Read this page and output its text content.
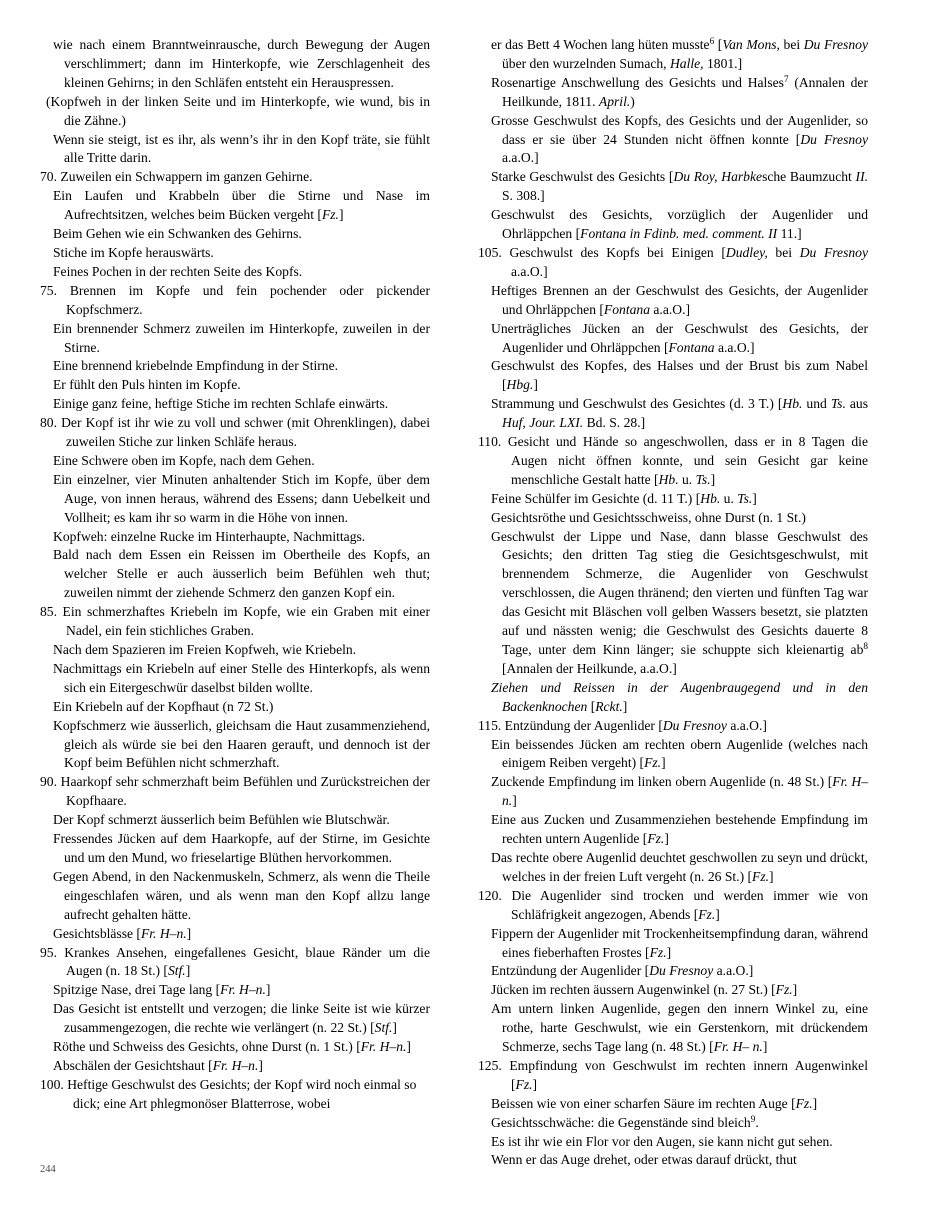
wie nach einem Branntweinrausche, durch Bewegung der Augen verschlimmert; dann im Hinterkopfe, wie Zerschlagenheit des kleinen Gehirns; in den Schläfen entsteht ein Herauspressen.

(Kopfweh in der linken Seite und im Hinterkopfe, wie wund, bis in die Zähne.)

Wenn sie steigt, ist es ihr, als wenn’s ihr in den Kopf träte, sie fühlt alle Tritte darin.

70. Zuweilen ein Schwappern im ganzen Gehirne.

Ein Laufen und Krabbeln über die Stirne und Nase im Aufrechtsitzen, welches beim Bücken vergeht [Fz.]

Beim Gehen wie ein Schwanken des Gehirns.

Stiche im Kopfe herauswärts.

Feines Pochen in der rechten Seite des Kopfs.

75. Brennen im Kopfe und fein pochender oder pickender Kopfschmerz.

Ein brennender Schmerz zuweilen im Hinterkopfe, zuweilen in der Stirne.

Eine brennend kriebelnde Empfindung in der Stirne.

Er fühlt den Puls hinten im Kopfe.

Einige ganz feine, heftige Stiche im rechten Schlafe einwärts.

80. Der Kopf ist ihr wie zu voll und schwer (mit Ohrenklingen), dabei zuweilen Stiche zur linken Schläfe heraus.

Eine Schwere oben im Kopfe, nach dem Gehen.

Ein einzelner, vier Minuten anhaltender Stich im Kopfe, über dem Auge, von innen heraus, während des Essens; dann Uebelkeit und Vollheit; es kam ihr so warm in die Höhe von innen.

Kopfweh: einzelne Rucke im Hinterhaupte, Nachmittags.

Bald nach dem Essen ein Reissen im Obertheile des Kopfs, an welcher Stelle er auch äusserlich beim Befühlen weh thut; zuweilen nimmt der ziehende Schmerz den ganzen Kopf ein.

85. Ein schmerzhaftes Kriebeln im Kopfe, wie ein Graben mit einer Nadel, ein fein stichliches Graben.

Nach dem Spazieren im Freien Kopfweh, wie Kriebeln.

Nachmittags ein Kriebeln auf einer Stelle des Hinterkopfs, als wenn sich ein Eitergeschwür daselbst bilden wollte.

Ein Kriebeln auf der Kopfhaut (n 72 St.)

Kopfschmerz wie äusserlich, gleichsam die Haut zusammenziehend, gleich als würde sie bei den Haaren gerauft, und dennoch ist der Kopf beim Befühlen nicht schmerzhaft.

90. Haarkopf sehr schmerzhaft beim Befühlen und Zurückstreichen der Kopfhaare.

Der Kopf schmerzt äusserlich beim Befühlen wie Blutschwär.

Fressendes Jücken auf dem Haarkopfe, auf der Stirne, im Gesichte und um den Mund, wo frieselartige Blüthen hervorkommen.

Gegen Abend, in den Nackenmuskeln, Schmerz, als wenn die Theile eingeschlafen wären, und als wenn man den Kopf allzu lange aufrecht gehalten hätte.

Gesichtsblässe [Fr. H–n.]

95. Krankes Ansehen, eingefallenes Gesicht, blaue Ränder um die Augen (n. 18 St.) [Stf.]

Spitzige Nase, drei Tage lang [Fr. H–n.]

Das Gesicht ist entstellt und verzogen; die linke Seite ist wie kürzer zusammengezogen, die rechte wie verlängert (n. 22 St.) [Stf.]

Röthe und Schweiss des Gesichts, ohne Durst (n. 1 St.) [Fr. H–n.]

Abschälen der Gesichtshaut [Fr. H–n.]

100. Heftige Geschwulst des Gesichts; der Kopf wird noch einmal so dick; eine Art phlegmonöser Blatterrose, wobei

er das Bett 4 Wochen lang hüten musste$^6$ [Van Mons, bei Du Fresnoy über den wurzelnden Sumach, Halle, 1801.]

Rosenartige Anschwellung des Gesichts und Halses$^7$ (Annalen der Heilkunde, 1811. April.)

Grosse Geschwulst des Kopfs, des Gesichts und der Augenlider, so dass er sie über 24 Stunden nicht öffnen konnte [Du Fresnoy a.a.O.]

Starke Geschwulst des Gesichts [Du Roy, Harbkesche Baumzucht II. S. 308.]

Geschwulst des Gesichts, vorzüglich der Augenlider und Ohrläppchen [Fontana in Fdinb. med. comment. II 11.]

105. Geschwulst des Kopfs bei Einigen [Dudley, bei Du Fresnoy a.a.O.]

Heftiges Brennen an der Geschwulst des Gesichts, der Augenlider und Ohrläppchen [Fontana a.a.O.]

Unerträgliches Jücken an der Geschwulst des Gesichts, der Augenlider und Ohrläppchen [Fontana a.a.O.]

Geschwulst des Kopfes, des Halses und der Brust bis zum Nabel [Hbg.]

Strammung und Geschwulst des Gesichtes (d. 3 T.) [Hb. und Ts. aus Huf, Jour. LXI. Bd. S. 28.]

110. Gesicht und Hände so angeschwollen, dass er in 8 Tagen die Augen nicht öffnen konnte, und sein Gesicht gar keine menschliche Gestalt hatte [Hb. u. Ts.]

Feine Schülfer im Gesichte (d. 11 T.) [Hb. u. Ts.]

Gesichtsröthe und Gesichtsschweiss, ohne Durst (n. 1 St.)

Geschwulst der Lippe und Nase, dann blasse Geschwulst des Gesichts; den dritten Tag stieg die Gesichtsgeschwulst, mit brennendem Schmerze, die Augenlider von Geschwulst verschlossen, die Augen thränend; den vierten und fünften Tag war das Gesicht mit Bläschen voll gelben Wassers besetzt, sie platzten auf und nässten wenig; die Geschwulst des Gesichts dauerte 8 Tage, unter dem Kinn länger; sie schuppte sich kleienartig $ab^8$ [Annalen der Heilkunde, a.a.O.]

Ziehen und Reissen in der Augenbraugegend und in den Backenknochen [Rckt.]

115. Entzündung der Augenlider [Du Fresnoy a.a.O.]

Ein beissendes Jücken am rechten obern Augenlide (welches nach einigem Reiben vergeht) [Fz.]

Zuckende Empfindung im linken obern Augenlide (n. 48 St.) [Fr. H–n.]

Eine aus Zucken und Zusammenziehen bestehende Empfindung im rechten untern Augenlide [Fz.]

Das rechte obere Augenlid deuchtet geschwollen zu seyn und drückt, welches in der freien Luft vergeht (n. 26 St.) [Fz.]

120. Die Augenlider sind trocken und werden immer wie von Schläfrigkeit angezogen, Abends [Fz.]

Fippern der Augenlider mit Trockenheitsempfindung daran, während eines fieberhaften Frostes [Fz.]

Entzündung der Augenlider [Du Fresnoy a.a.O.]

Jücken im rechten äussern Augenwinkel (n. 27 St.) [Fz.]

Am untern linken Augenlide, gegen den innern Winkel zu, eine rothe, harte Geschwulst, wie ein Gerstenkorn, mit drückendem Schmerze, sechs Tage lang (n. 48 St.) [Fr. H– n.]

125. Empfindung von Geschwulst im rechten innern Augenwinkel [Fz.]

Beissen wie von einer scharfen Säure im rechten Auge [Fz.]

Gesichtsschwäche: die Gegenstände sind bleich$^9$.

Es ist ihr wie ein Flor vor den Augen, sie kann nicht gut sehen.

Wenn er das Auge drehet, oder etwas darauf drückt, thut

244
